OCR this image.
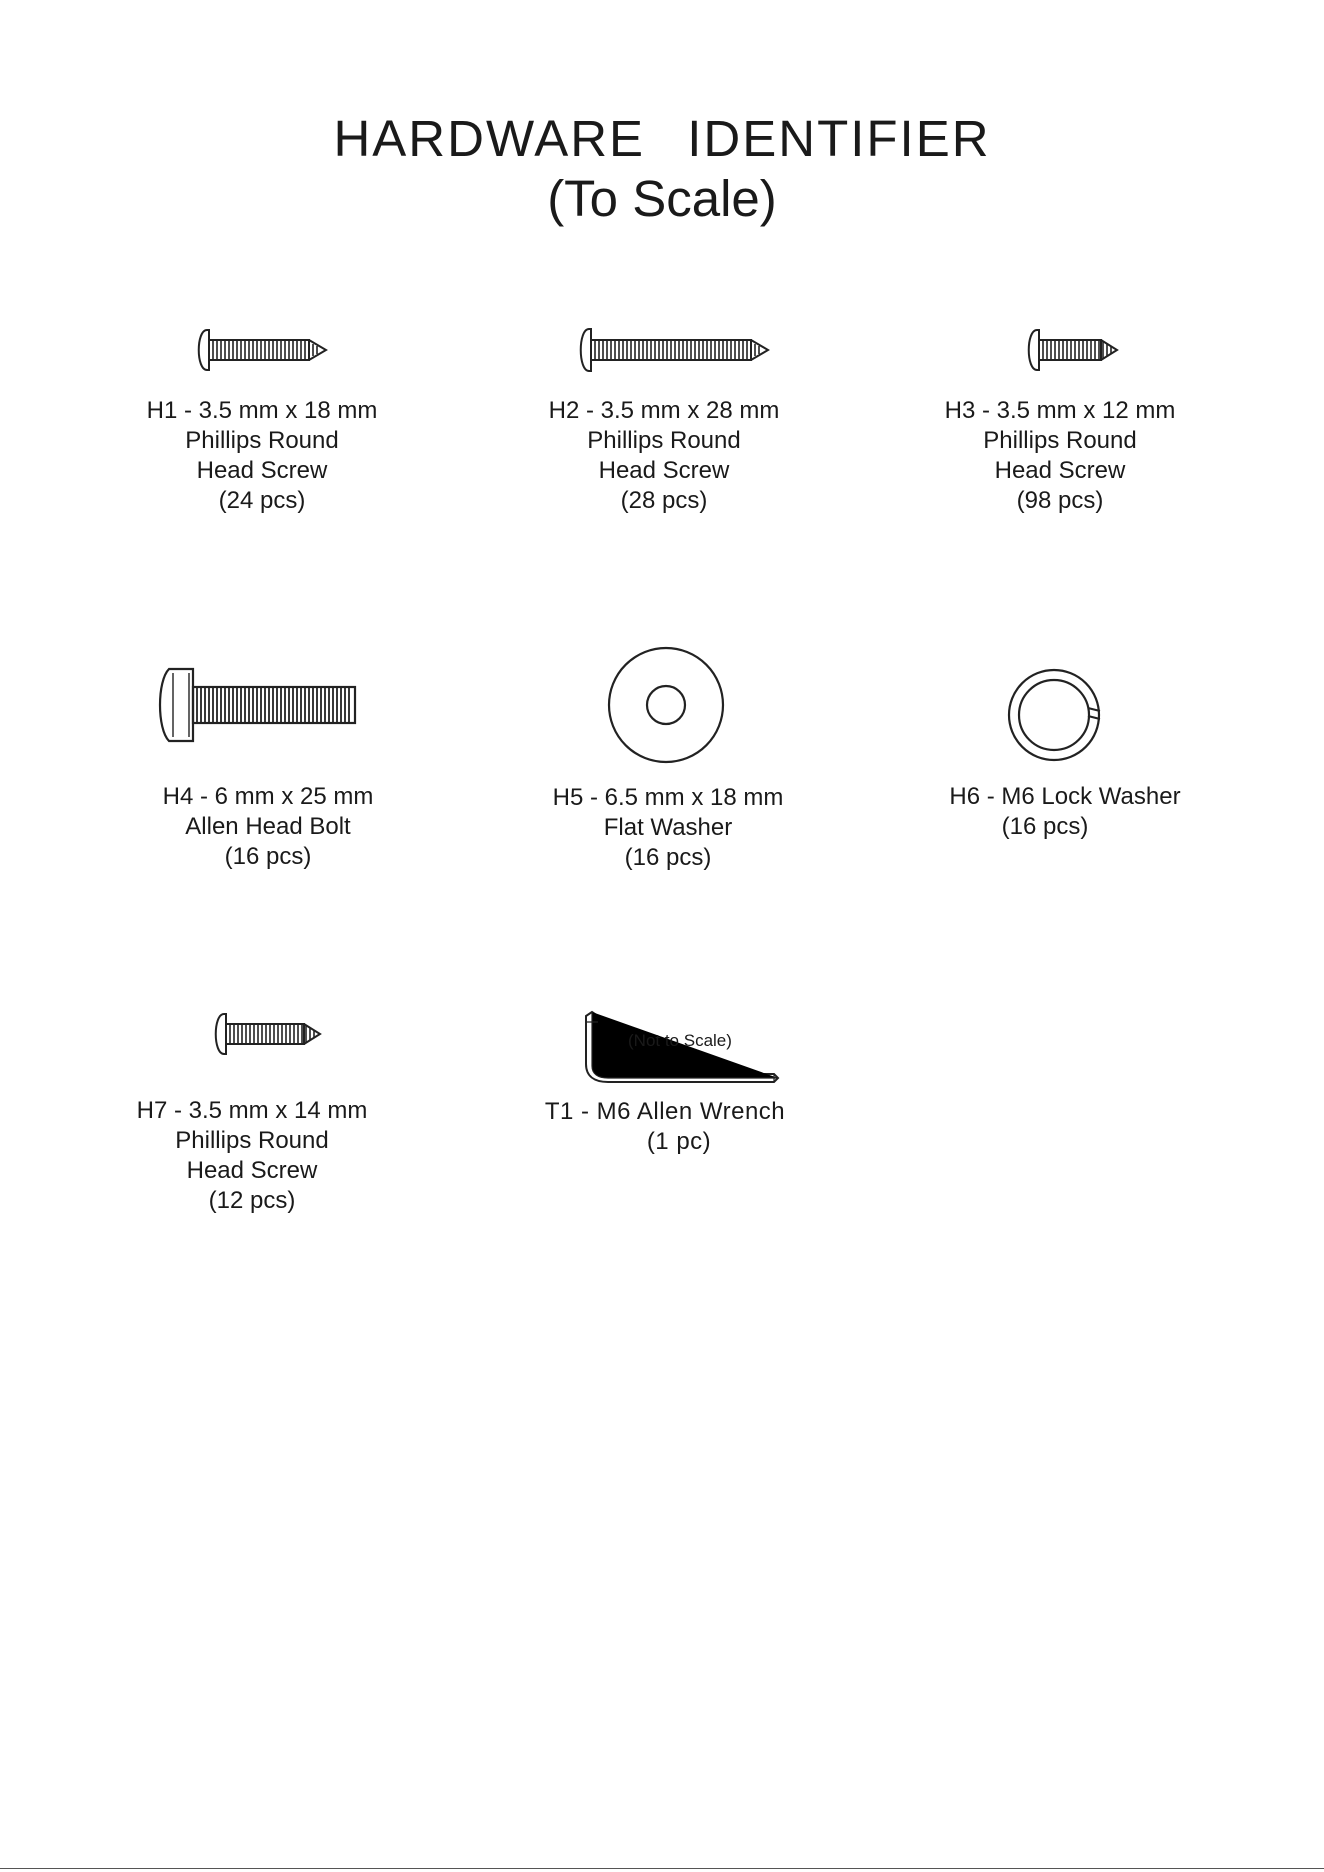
HARDWARE IDENTIFIER
(To Scale)
(Not to Scale)
H1 - 3.5 mm x 18 mm
Phillips Round
Head Screw
(24 pcs)
H2 - 3.5 mm x 28 mm
Phillips Round
Head Screw
(28 pcs)
H3 - 3.5 mm x 12 mm
Phillips Round
Head Screw
(98 pcs)
H4 - 6 mm x 25 mm
Allen Head Bolt
(16 pcs)
H5 - 6.5 mm x 18 mm
Flat Washer
(16 pcs)
H6 - M6 Lock Washer
(16 pcs)
H7 - 3.5 mm x 14 mm
Phillips Round
Head Screw
(12 pcs)
T1 - M6 Allen Wrench
(1 pc)
